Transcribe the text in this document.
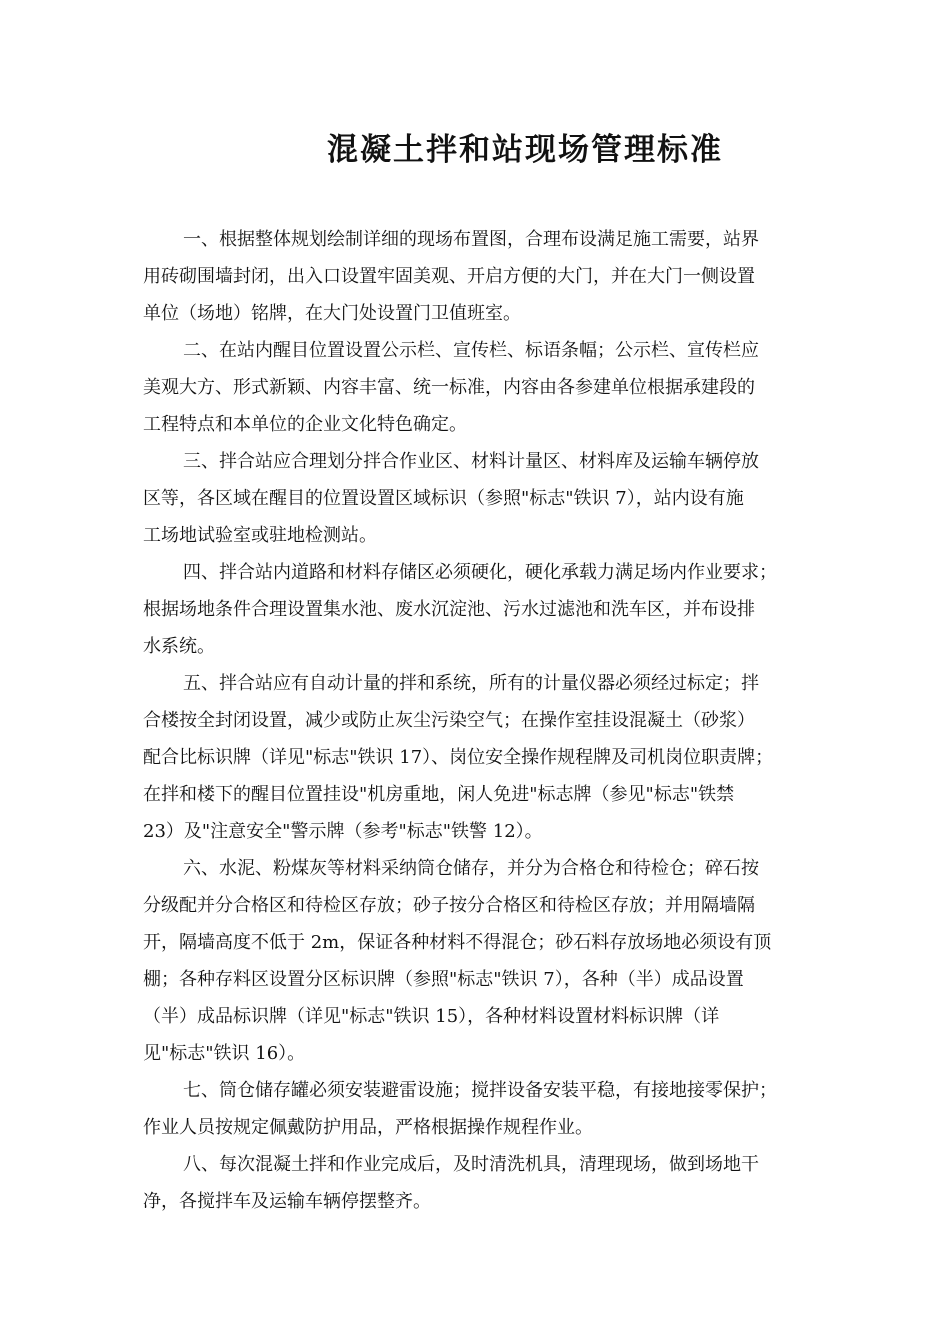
混凝土拌和站现场管理标准

一、根据整体规划绘制详细的现场布置图，合理布设满足施工需要，站界
用砖砌围墙封闭，出入口设置牢固美观、开启方便的大门，并在大门一侧设置
单位（场地）铭牌，在大门处设置门卫值班室。

二、在站内醒目位置设置公示栏、宣传栏、标语条幅；公示栏、宣传栏应
美观大方、形式新颖、内容丰富、统一标准，内容由各参建单位根据承建段的
工程特点和本单位的企业文化特色确定。

三、拌合站应合理划分拌合作业区、材料计量区、材料库及运输车辆停放
区等，各区域在醒目的位置设置区域标识（参照"标志"铁识 7），站内设有施
工场地试验室或驻地检测站。

四、拌合站内道路和材料存储区必须硬化，硬化承载力满足场内作业要求；
根据场地条件合理设置集水池、废水沉淀池、污水过滤池和洗车区，并布设排
水系统。

五、拌合站应有自动计量的拌和系统，所有的计量仪器必须经过标定；拌
合楼按全封闭设置，减少或防止灰尘污染空气；在操作室挂设混凝土（砂浆）
配合比标识牌（详见"标志"铁识 17）、岗位安全操作规程牌及司机岗位职责牌；
在拌和楼下的醒目位置挂设"机房重地，闲人免进"标志牌（参见"标志"铁禁
23）及"注意安全"警示牌（参考"标志"铁警 12）。

六、水泥、粉煤灰等材料采纳筒仓储存，并分为合格仓和待检仓；碎石按
分级配并分合格区和待检区存放；砂子按分合格区和待检区存放；并用隔墙隔
开，隔墙高度不低于 2m，保证各种材料不得混仓；砂石料存放场地必须设有顶
棚；各种存料区设置分区标识牌（参照"标志"铁识 7），各种（半）成品设置
（半）成品标识牌（详见"标志"铁识 15），各种材料设置材料标识牌（详
见"标志"铁识 16）。

七、筒仓储存罐必须安装避雷设施；搅拌设备安装平稳，有接地接零保护；
作业人员按规定佩戴防护用品，严格根据操作规程作业。

八、每次混凝土拌和作业完成后，及时清洗机具，清理现场，做到场地干
净，各搅拌车及运输车辆停摆整齐。
